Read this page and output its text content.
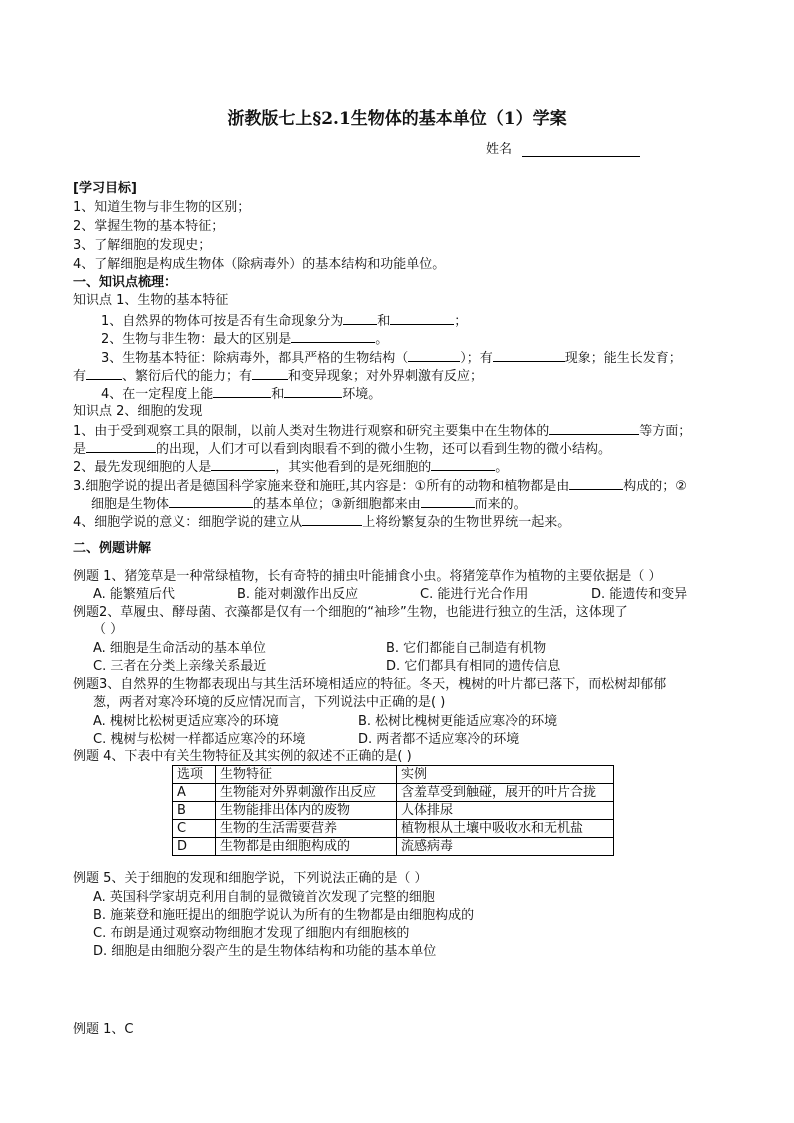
浙教版七上§2.1生物体的基本单位（1）学案
姓名
[学习目标]
1、知道生物与非生物的区别；
2、掌握生物的基本特征；
3、了解细胞的发现史；
4、了解细胞是构成生物体（除病毒外）的基本结构和功能单位。
一、知识点梳理：
知识点 1、生物的基本特征
1、自然界的物体可按是否有生命现象分为	和	；
2、生物与非生物：最大的区别是	。
3、生物基本特征：除病毒外，都具严格的生物结构（	）；有	现象；能生长发育；
有	、繁衍后代的能力；有	和变异现象；对外界刺激有反应；
4、在一定程度上能	和	环境。
知识点 2、细胞的发现
1、由于受到观察工具的限制，以前人类对生物进行观察和研究主要集中在生物体的	等方面；
是	的出现，人们才可以看到肉眼看不到的微小生物，还可以看到生物的微小结构。
2、最先发现细胞的人是	，其实他看到的是死细胞的	。
3.细胞学说的提出者是德国科学家施来登和施旺,其内容是：①所有的动物和植物都是由	构成的；②
细胞是生物体	的基本单位；③新细胞都来由	而来的。
4、细胞学说的意义：细胞学说的建立从	上将纷繁复杂的生物世界统一起来。
二、例题讲解
例题 1、猪笼草是一种常绿植物，长有奇特的捕虫叶能捕食小虫。将猪笼草作为植物的主要依据是（ ）
A. 能繁殖后代	B. 能对刺激作出反应	C. 能进行光合作用	D. 能遗传和变异
例题2、草履虫、酵母菌、衣藻都是仅有一个细胞的“袖珍”生物，也能进行独立的生活，这体现了
（ ）
A. 细胞是生命活动的基本单位	B. 它们都能自己制造有机物
C. 三者在分类上亲缘关系最近	D. 它们都具有相同的遗传信息
例题3、自然界的生物都表现出与其生活环境相适应的特征。冬天，槐树的叶片都已落下，而松树却郁郁
葱，两者对寒冷环境的反应情况而言，下列说法中正确的是( )
A. 槐树比松树更适应寒冷的环境	B. 松树比槐树更能适应寒冷的环境
C. 槐树与松树一样都适应寒冷的环境	D. 两者都不适应寒冷的环境
例题 4、下表中有关生物特征及其实例的叙述不正确的是( )
选项	生物特征	实例
A	生物能对外界刺激作出反应	含羞草受到触碰，展开的叶片合拢
B	生物能排出体内的废物	人体排尿
C	生物的生活需要营养	植物根从土壤中吸收水和无机盐
D	生物都是由细胞构成的	流感病毒
例题 5、关于细胞的发现和细胞学说，下列说法正确的是（ ）
A. 英国科学家胡克利用自制的显微镜首次发现了完整的细胞
B. 施莱登和施旺提出的细胞学说认为所有的生物都是由细胞构成的
C. 布朗是通过观察动物细胞才发现了细胞内有细胞核的
D. 细胞是由细胞分裂产生的是生物体结构和功能的基本单位
例题 1、C
